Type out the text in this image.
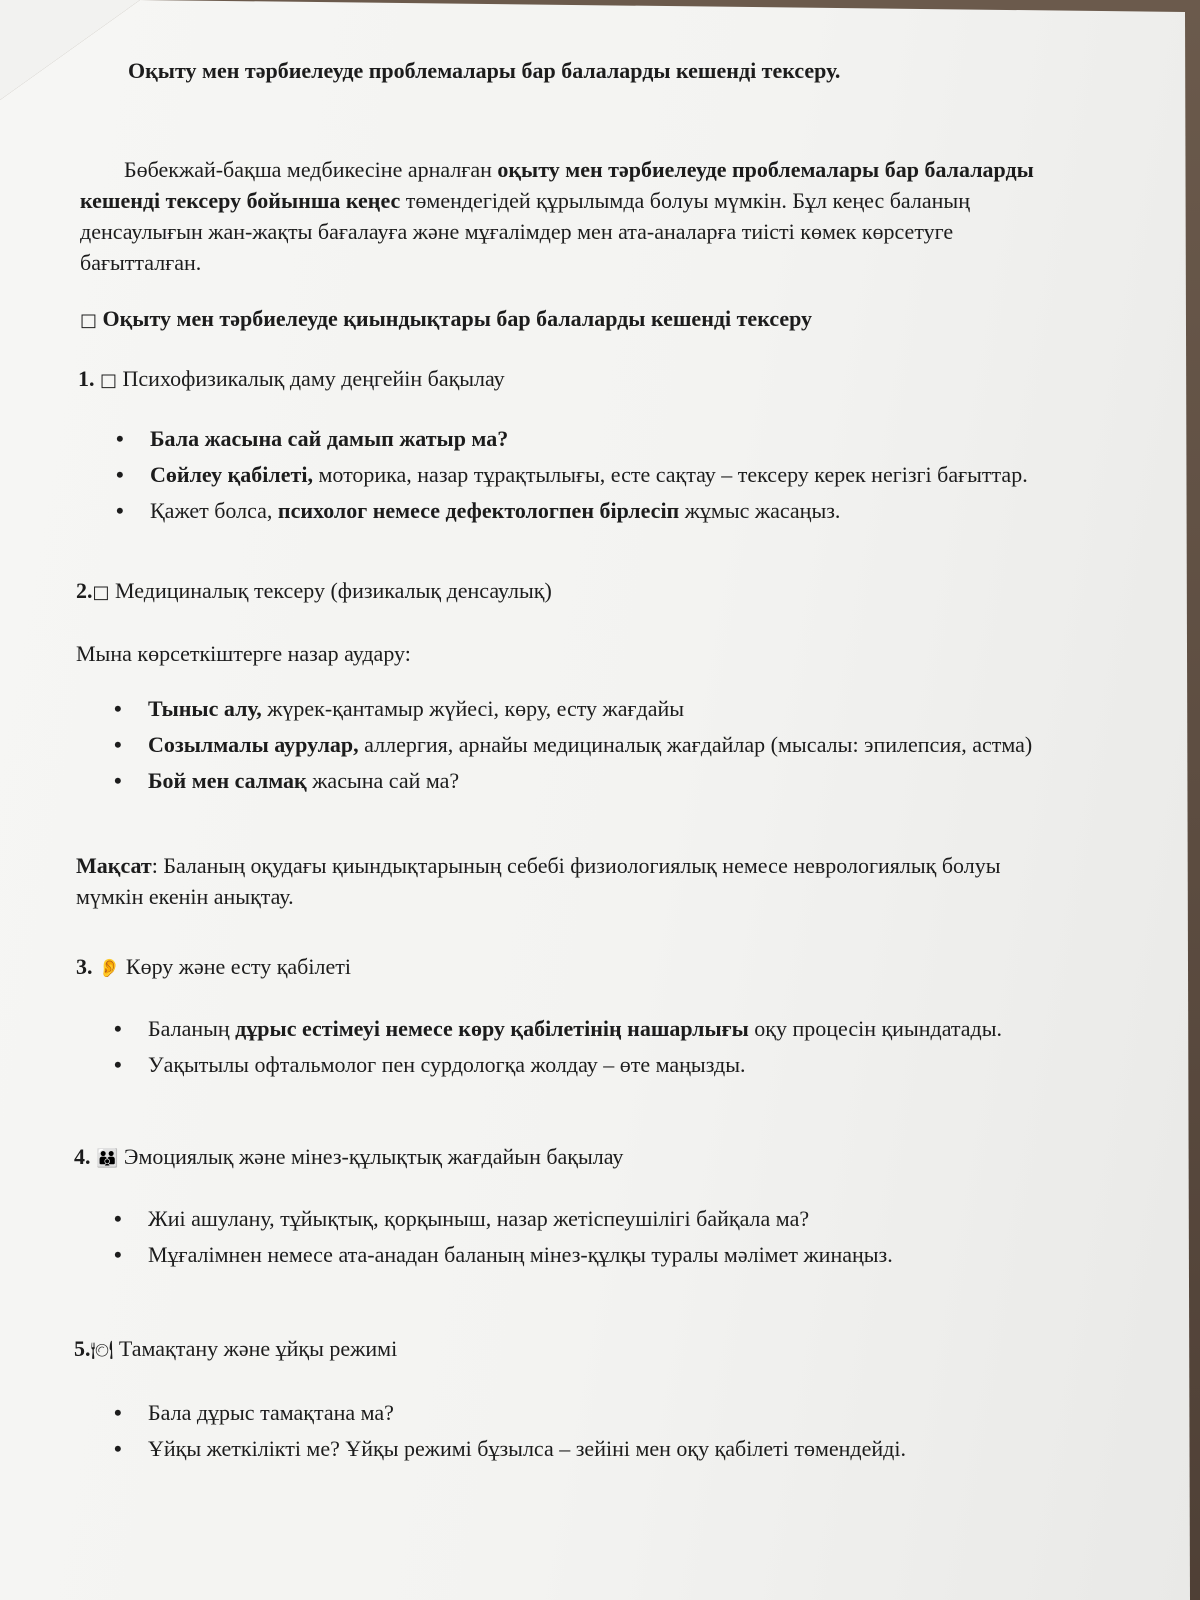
Оқыту мен тәрбиелеуде проблемалары бар балаларды кешенді тексеру.
Бөбекжай-бақша медбикесіне арналған оқыту мен тәрбиелеуде проблемалары бар балаларды кешенді тексеру бойынша кеңес төмендегідей құрылымда болуы мүмкін. Бұл кеңес баланың денсаулығын жан-жақты бағалауға және мұғалімдер мен ата-аналарға тиісті көмек көрсетуге бағытталған.
□ Оқыту мен тәрбиелеуде қиындықтары бар балаларды кешенді тексеру
1. □ Психофизикалық даму деңгейін бақылау
• Бала жасына сай дамып жатыр ма?
• Сөйлеу қабілеті, моторика, назар тұрақтылығы, есте сақтау – тексеру керек негізгі бағыттар.
• Қажет болса, психолог немесе дефектологпен бірлесіп жұмыс жасаңыз.
2.□ Медициналық тексеру (физикалық денсаулық)
Мына көрсеткіштерге назар аудару:
• Тыныс алу, жүрек-қантамыр жүйесі, көру, есту жағдайы
• Созылмалы аурулар, аллергия, арнайы медициналық жағдайлар (мысалы: эпилепсия, астма)
• Бой мен салмақ жасына сай ма?
Мақсат: Баланың оқудағы қиындықтарының себебі физиологиялық немесе неврологиялық болуы мүмкін екенін анықтау.
3. 👂 Көру және есту қабілеті
• Баланың дұрыс естімеуі немесе көру қабілетінің нашарлығы оқу процесін қиындатады.
• Уақытылы офтальмолог пен сурдологқа жолдау – өте маңызды.
4. 👪 Эмоциялық және мінез-құлықтық жағдайын бақылау
• Жиі ашулану, тұйықтық, қорқыныш, назар жетіспеушілігі байқала ма?
• Мұғалімнен немесе ата-анадан баланың мінез-құлқы туралы мәлімет жинаңыз.
5.🍽 Тамақтану және ұйқы режимі
• Бала дұрыс тамақтана ма?
• Ұйқы жеткілікті ме? Ұйқы режимі бұзылса – зейіні мен оқу қабілеті төмендейді.
